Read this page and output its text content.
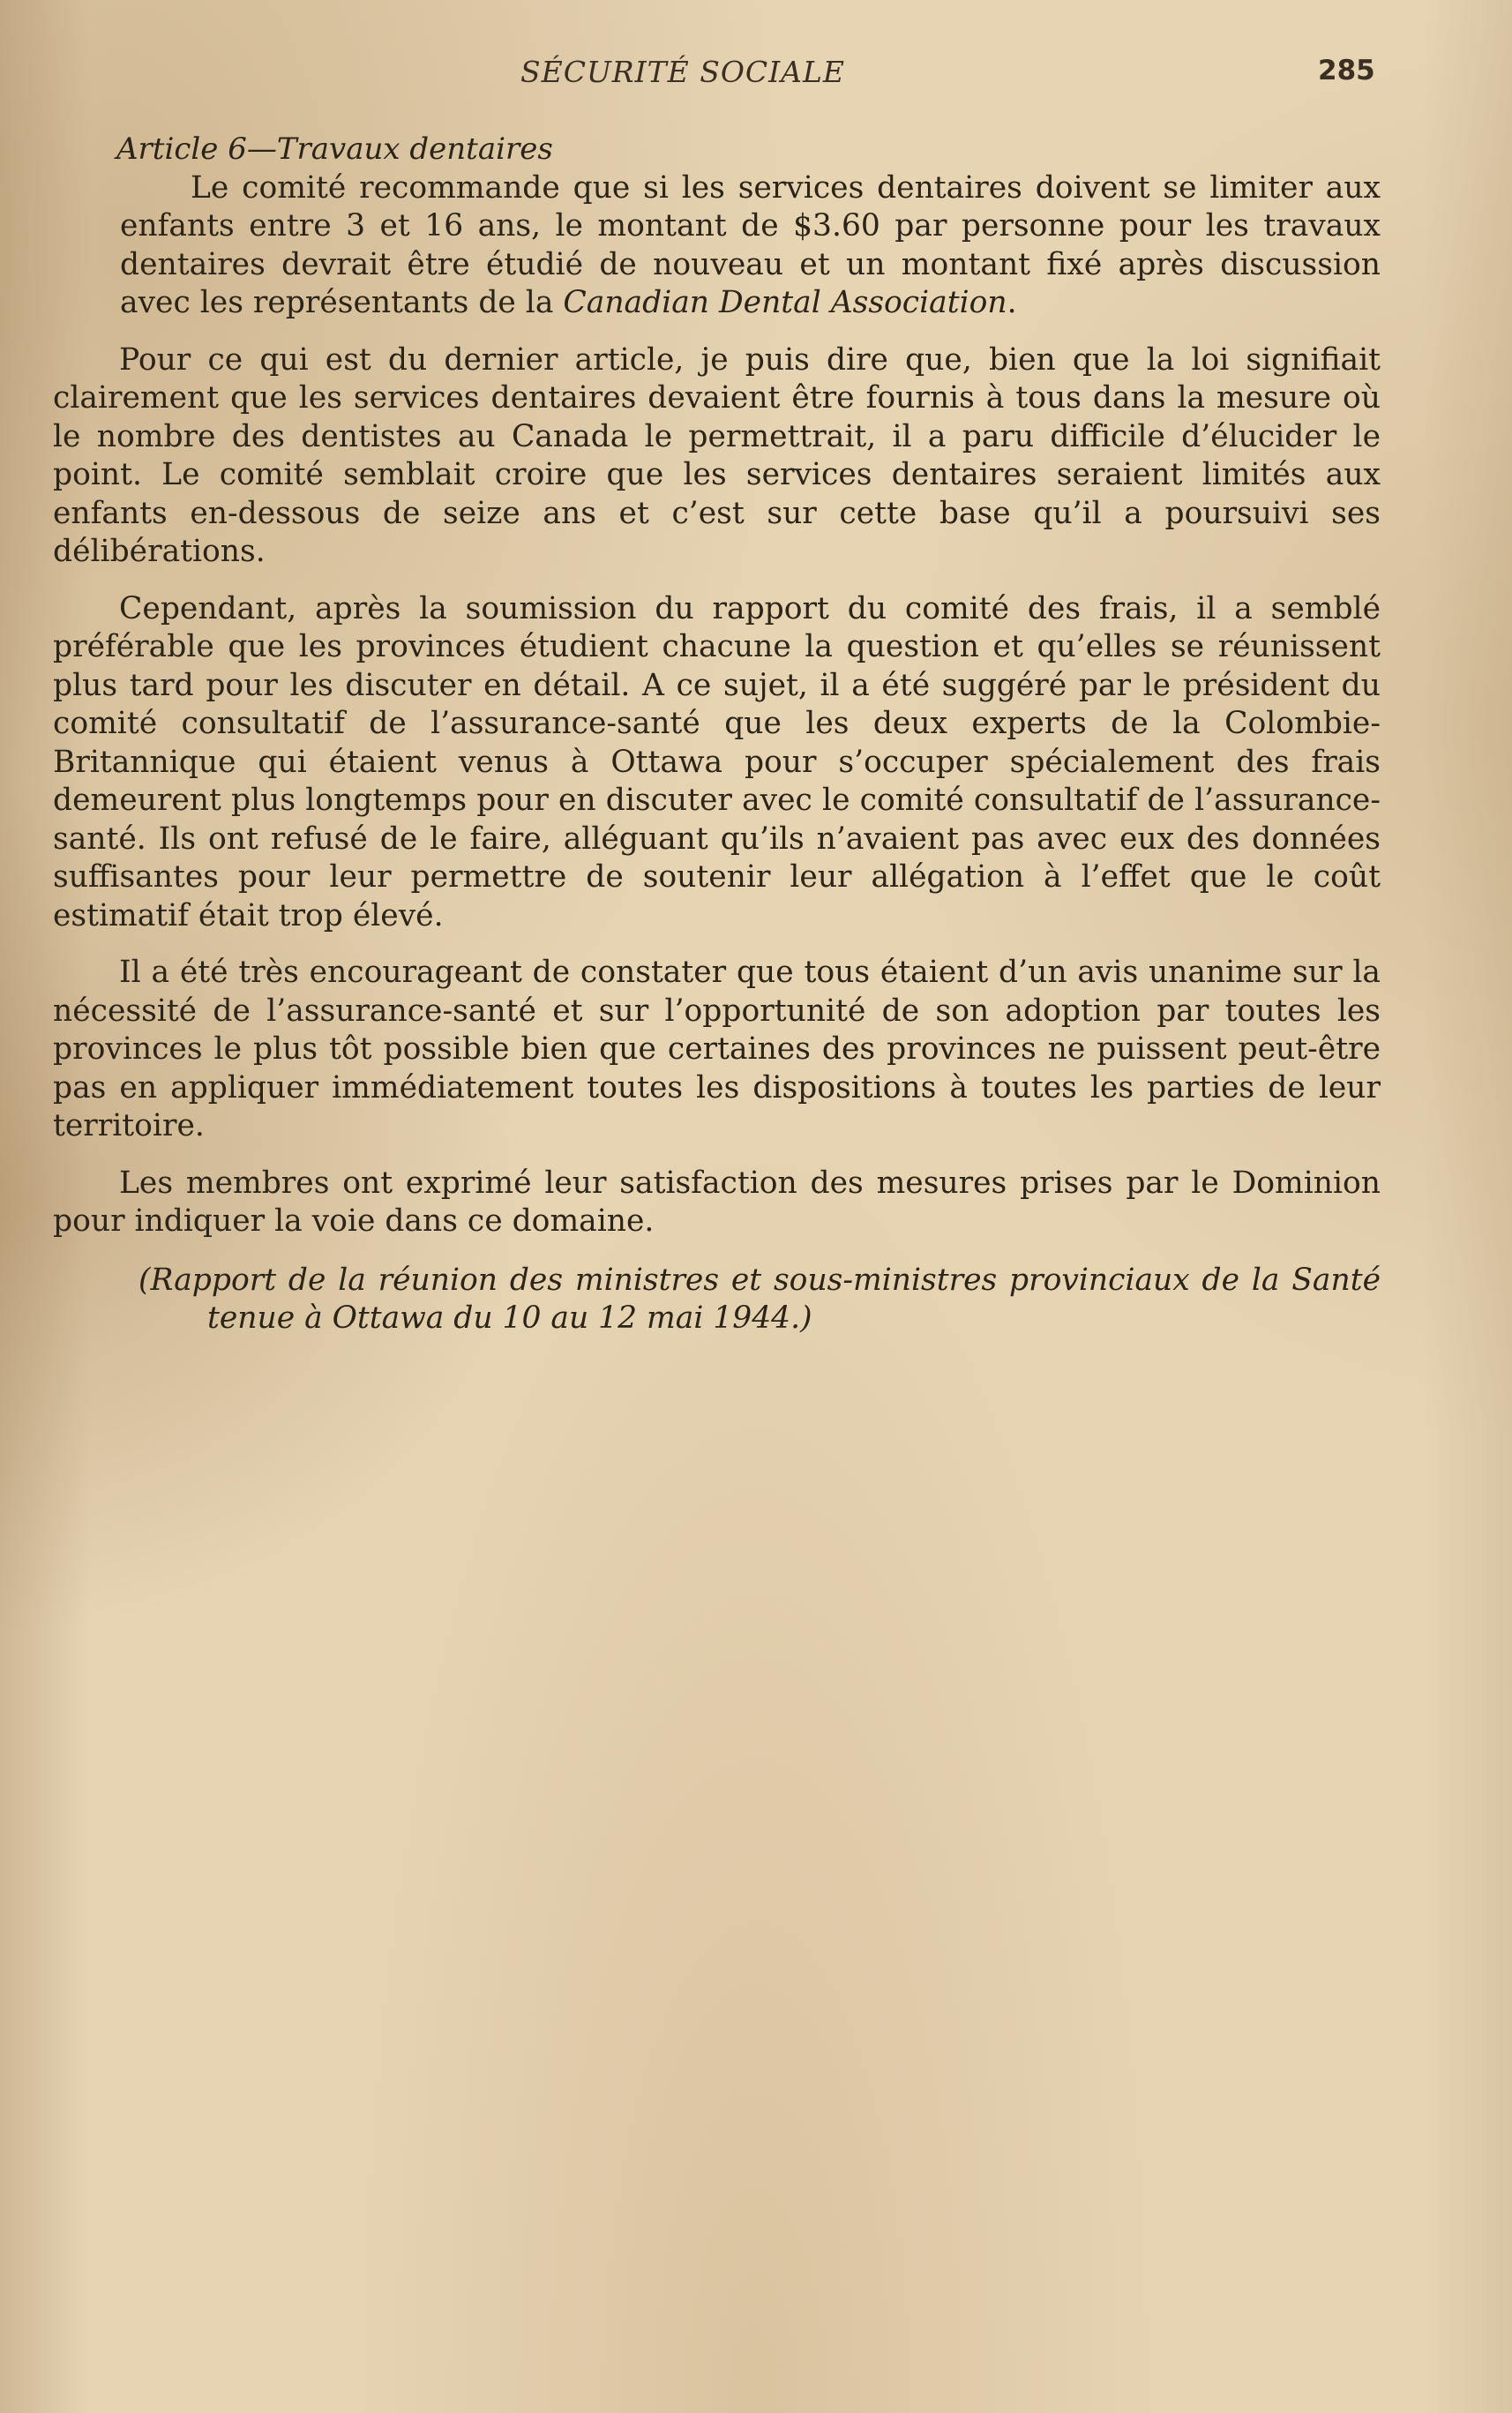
SÉCURITÉ SOCIALE	285

Article 6—Travaux dentaires

Le comité recommande que si les services dentaires doivent se limiter aux enfants entre 3 et 16 ans, le montant de $3.60 par personne pour les travaux dentaires devrait être étudié de nouveau et un montant fixé après discussion avec les représentants de la Canadian Dental Association.

Pour ce qui est du dernier article, je puis dire que, bien que la loi signifiait clairement que les services dentaires devaient être fournis à tous dans la mesure où le nombre des dentistes au Canada le permettrait, il a paru difficile d’élucider le point. Le comité semblait croire que les services dentaires seraient limités aux enfants en-dessous de seize ans et c’est sur cette base qu’il a poursuivi ses délibérations.

Cependant, après la soumission du rapport du comité des frais, il a semblé préférable que les provinces étudient chacune la question et qu’elles se réunissent plus tard pour les discuter en détail. A ce sujet, il a été suggéré par le président du comité consultatif de l’assurance-santé que les deux experts de la Colombie-Britannique qui étaient venus à Ottawa pour s’occuper spécialement des frais demeurent plus longtemps pour en discuter avec le comité consultatif de l’assurance-santé. Ils ont refusé de le faire, alléguant qu’ils n’avaient pas avec eux des données suffisantes pour leur permettre de soutenir leur allégation à l’effet que le coût estimatif était trop élevé.

Il a été très encourageant de constater que tous étaient d’un avis unanime sur la nécessité de l’assurance-santé et sur l’opportunité de son adoption par toutes les provinces le plus tôt possible bien que certaines des provinces ne puissent peut-être pas en appliquer immédiatement toutes les dispositions à toutes les parties de leur territoire.

Les membres ont exprimé leur satisfaction des mesures prises par le Dominion pour indiquer la voie dans ce domaine.

(Rapport de la réunion des ministres et sous-ministres provinciaux de la Santé tenue à Ottawa du 10 au 12 mai 1944.)
